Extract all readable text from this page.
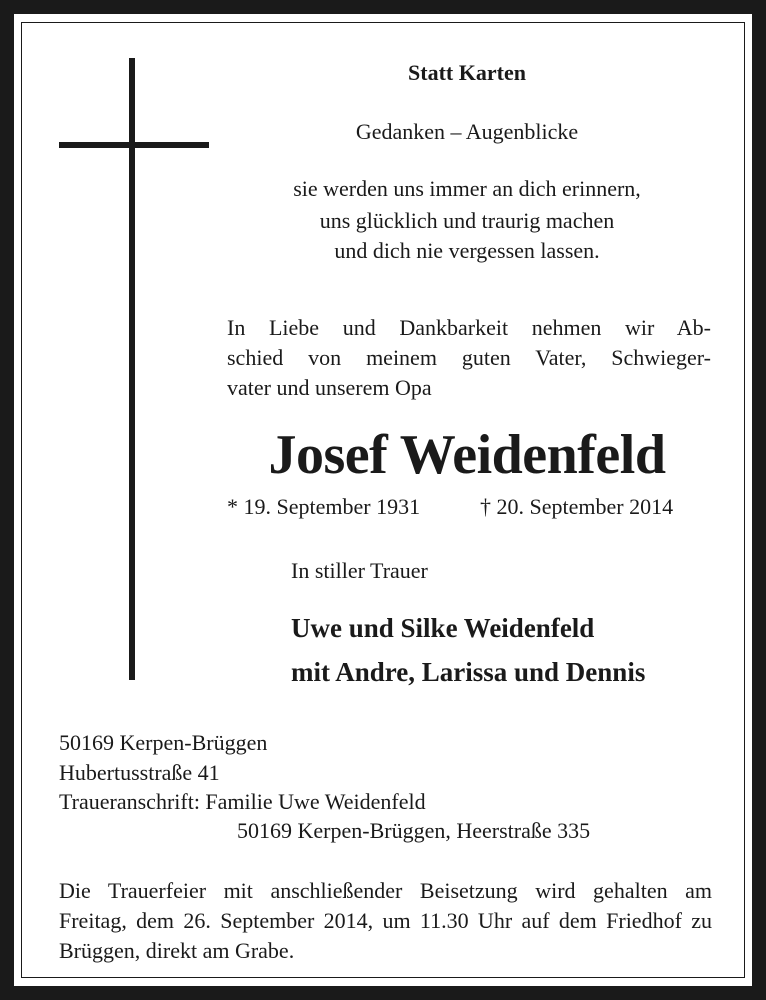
Statt Karten
Gedanken – Augenblicke
sie werden uns immer an dich erinnern,
uns glücklich und traurig machen
und dich nie vergessen lassen.
In Liebe und Dankbarkeit nehmen wir Ab-
schied von meinem guten Vater, Schwieger-
vater und unserem Opa
Josef Weidenfeld
* 19. September 1931	† 20. September 2014
In stiller Trauer
Uwe und Silke Weidenfeld
mit Andre, Larissa und Dennis
50169 Kerpen-Brüggen
Hubertusstraße 41
Traueranschrift: Familie Uwe Weidenfeld
50169 Kerpen-Brüggen, Heerstraße 335
Die Trauerfeier mit anschließender Beisetzung wird gehalten am
Freitag, dem 26. September 2014, um 11.30 Uhr auf dem Friedhof zu
Brüggen, direkt am Grabe.
